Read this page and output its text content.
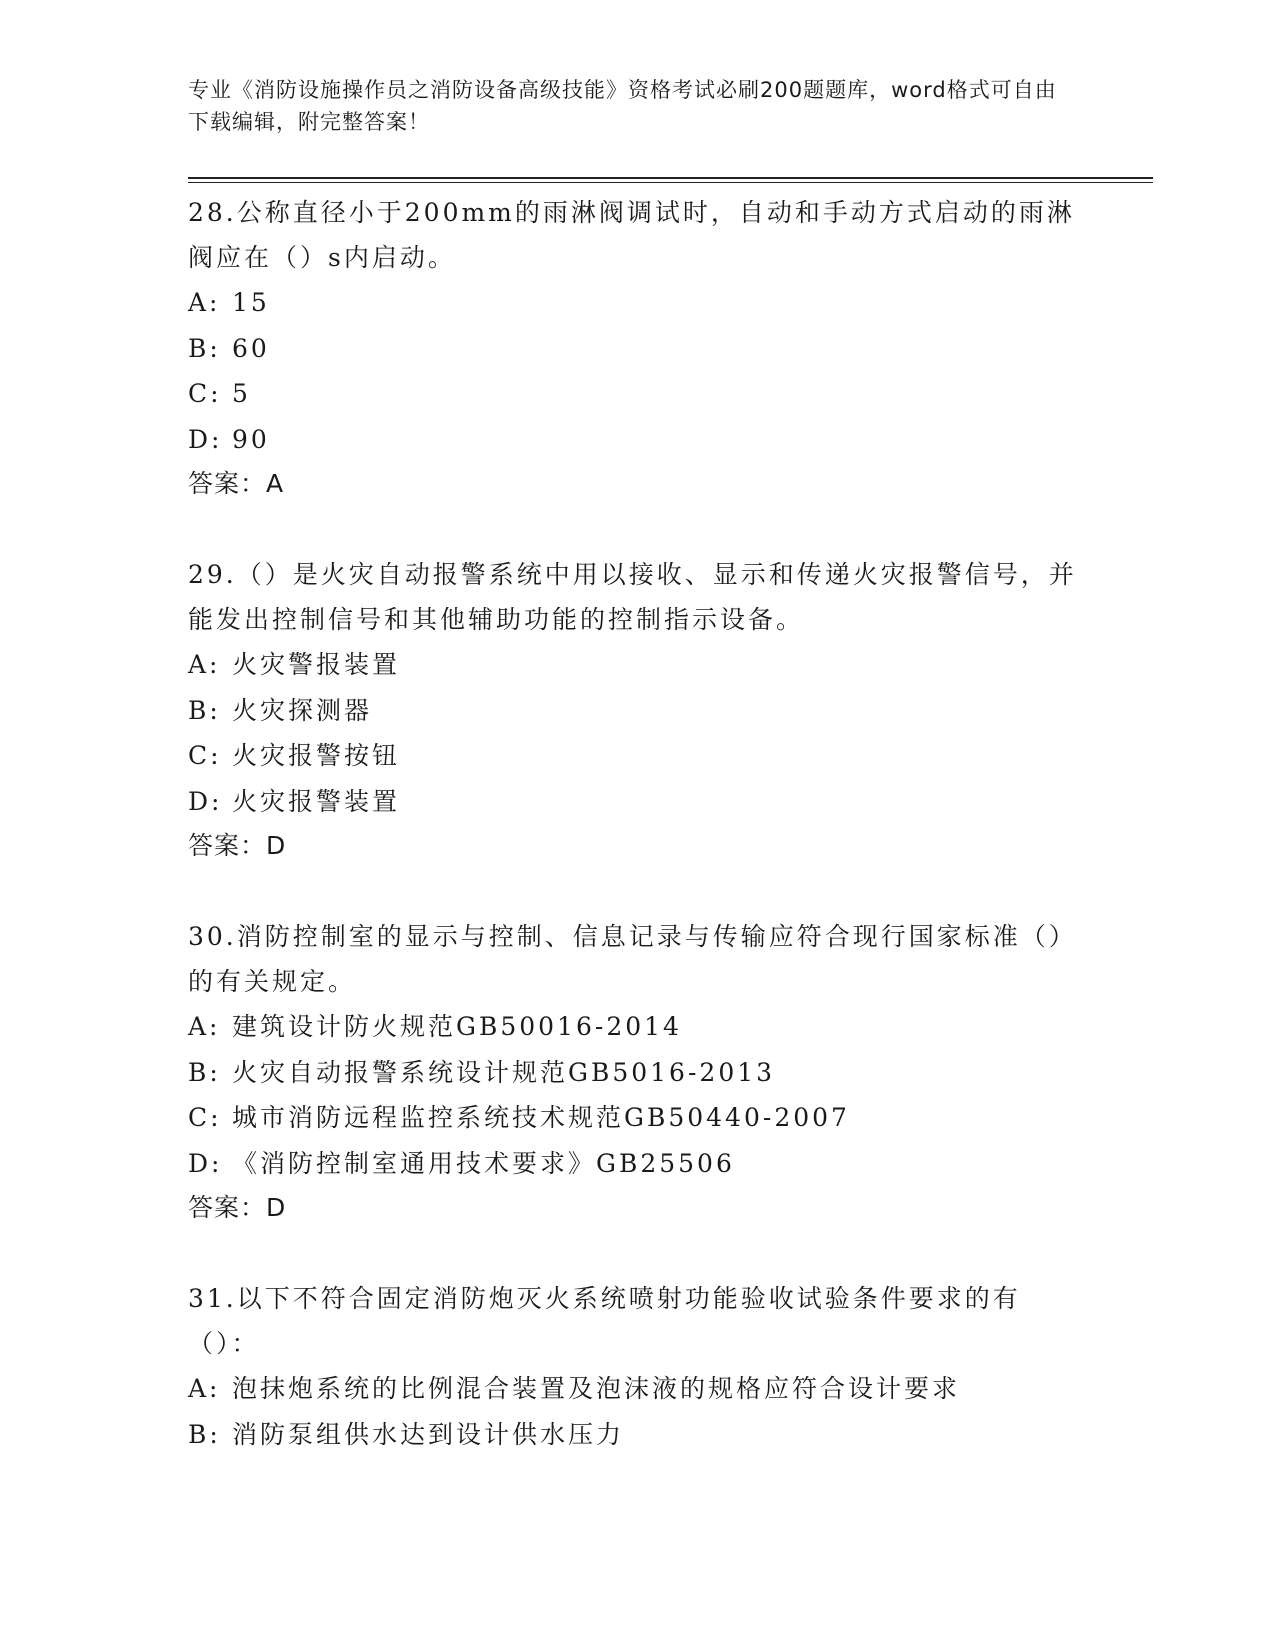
专业《消防设施操作员之消防设备高级技能》资格考试必刷200题题库，word格式可自由下载编辑，附完整答案！
28.公称直径小于200mm的雨淋阀调试时，自动和手动方式启动的雨淋阀应在（）s内启动。
A: 15
B: 60
C: 5
D: 90
答案：A
29.（）是火灾自动报警系统中用以接收、显示和传递火灾报警信号，并能发出控制信号和其他辅助功能的控制指示设备。
A: 火灾警报装置
B: 火灾探测器
C: 火灾报警按钮
D: 火灾报警装置
答案：D
30.消防控制室的显示与控制、信息记录与传输应符合现行国家标准（）的有关规定。
A: 建筑设计防火规范GB50016-2014
B: 火灾自动报警系统设计规范GB5016-2013
C: 城市消防远程监控系统技术规范GB50440-2007
D: 《消防控制室通用技术要求》GB25506
答案：D
31.以下不符合固定消防炮灭火系统喷射功能验收试验条件要求的有（）：
A: 泡抹炮系统的比例混合装置及泡沫液的规格应符合设计要求
B: 消防泵组供水达到设计供水压力
